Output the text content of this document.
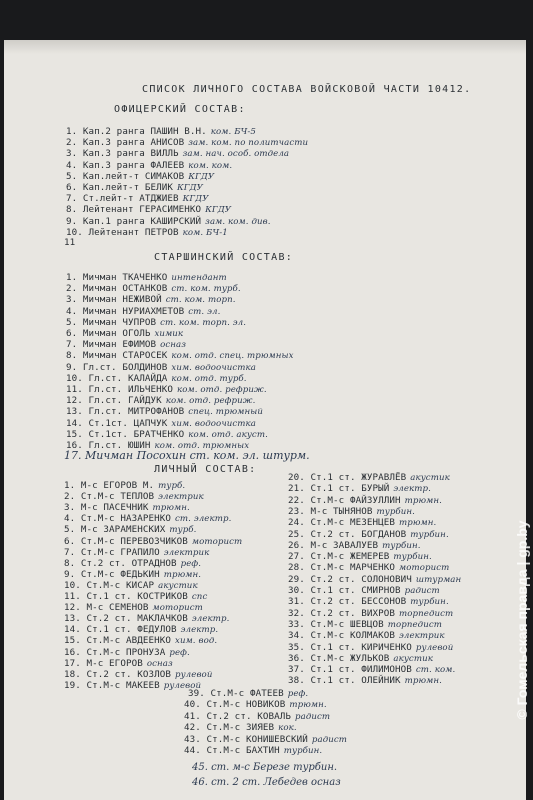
СПИСОК ЛИЧНОГО СОСТАВА ВОЙСКОВОЙ ЧАСТИ 10412.
ОФИЦЕРСКИЙ СОСТАВ:
1. Кап.2 ранга ПАШИН В.Н. ком. БЧ-5
2. Кап.3 ранга АНИСОВ зам. ком. по политчасти
3. Кап.3 ранга ВИЛЛЬ зам. нач. особ. отдела
4. Кап.3 ранга ФАЛЕЕВ ком. ком.
5. Кап.лейт-т СИМАКОВ КГДУ
6. Кап.лейт-т БЕЛИК КГДУ
7. Ст.лейт-т АТДЖИЕВ КГДУ
8. Лейтенант ГЕРАСИМЕНКО КГДУ
9. Кап.1 ранга КАШИРСКИЙ зам. ком. див.
10. Лейтенант ПЕТРОВ ком. БЧ-1
11
СТАРШИНСКИЙ СОСТАВ:
1. Мичман ТКАЧЕНКО интендант
2. Мичман ОСТАНКОВ ст. ком. турб.
3. Мичман НЕЖИВОЙ ст. ком. торп.
4. Мичман НУРИАХМЕТОВ ст. эл.
5. Мичман ЧУПРОВ ст. ком. торп. эл.
6. Мичман ОГОЛЬ химик
7. Мичман ЕФИМОВ осназ
8. Мичман СТАРОСЕК ком. отд. спец. трюмных
9. Гл.ст. БОЛДИНОВ хим. водоочистка
10. Гл.ст. КАЛАЙДА ком. отд. турб.
11. Гл.ст. ИЛЬЧЕНКО ком. отд. рефриж.
12. Гл.ст. ГАЙДУК ком. отд. рефриж.
13. Гл.ст. МИТРОФАНОВ спец. трюмный
14. Ст.1ст. ЦАПЧУК хим. водоочистка
15. Ст.1ст. БРАТЧЕНКО ком. отд. акуст.
16. Гл.ст. ЮШИН ком. отд. трюмных
17. Мичман Посохин ст. ком. эл. штурм.
ЛИЧНЫЙ СОСТАВ:
1. М-с ЕГОРОВ М. турб.
2. Ст.М-с ТЕПЛОВ электрик
3. М-с ПАСЕЧНИК трюмн.
4. Ст.М-с НАЗАРЕНКО ст. электр.
5. М-с ЗАРАМЕНСКИХ турб.
6. Ст.М-с ПЕРЕВОЗЧИКОВ моторист
7. Ст.М-с ГРАПИЛО электрик
8. Ст.2 ст. ОТРАДНОВ реф.
9. Ст.М-с ФЕДЬКИН трюмн.
10. Ст.М-с КИСАР акустик
11. Ст.1 ст. КОСТРИКОВ спс
12. М-с СЕМЕНОВ моторист
13. Ст.2 ст. МАКЛАЧКОВ электр.
14. Ст.1 ст. ФЕДУЛОВ электр.
15. Ст.М-с АВДЕЕНКО хим. вод.
16. Ст.М-с ПРОНУЗА реф.
17. М-с ЕГОРОВ осназ
18. Ст.2 ст. КОЗЛОВ рулевой
19. Ст.М-с МАКЕЕВ рулевой
20. Ст.1 ст. ЖУРАВЛЁВ акустик
21. Ст.1 ст. БУРЫЙ электр.
22. Ст.М-с ФАЙЗУЛЛИН трюмн.
23. М-с ТЫНЯНОВ турбин.
24. Ст.М-с МЕЗЕНЦЕВ трюмн.
25. Ст.2 ст. БОГДАНОВ турбин.
26. М-с ЗАВАЛУЕВ турбин.
27. Ст.М-с ЖЕМЕРЕВ турбин.
28. Ст.М-с МАРЧЕНКО моторист
29. Ст.2 ст. СОЛОНОВИЧ штурман
30. Ст.1 ст. СМИРНОВ радист
31. Ст.2 ст. БЕССОНОВ турбин.
32. Ст.2 ст. ВИХРОВ торпедист
33. Ст.М-с ШЕВЦОВ торпедист
34. Ст.М-с КОЛМАКОВ электрик
35. Ст.1 ст. КИРИЧЕНКО рулевой
36. Ст.М-с ЖУЛЬКОВ акустик
37. Ст.1 ст. ФИЛИМОНОВ ст. ком.
38. Ст.1 ст. ОЛЕЙНИК трюмн.
39. Ст.М-с ФАТЕЕВ реф.
40. Ст.М-с НОВИКОВ трюмн.
41. Ст.2 ст. КОВАЛЬ радист
42. Ст.М-с ЗИЯЕВ кок.
43. Ст.М-с КОНИШЕВСКИЙ радист
44. Ст.М-с БАХТИН турбин.
45. ст. м-с Березе турбин.
46. ст. 2 ст. Лебедев осназ
© Гомельская правда | gp.by
